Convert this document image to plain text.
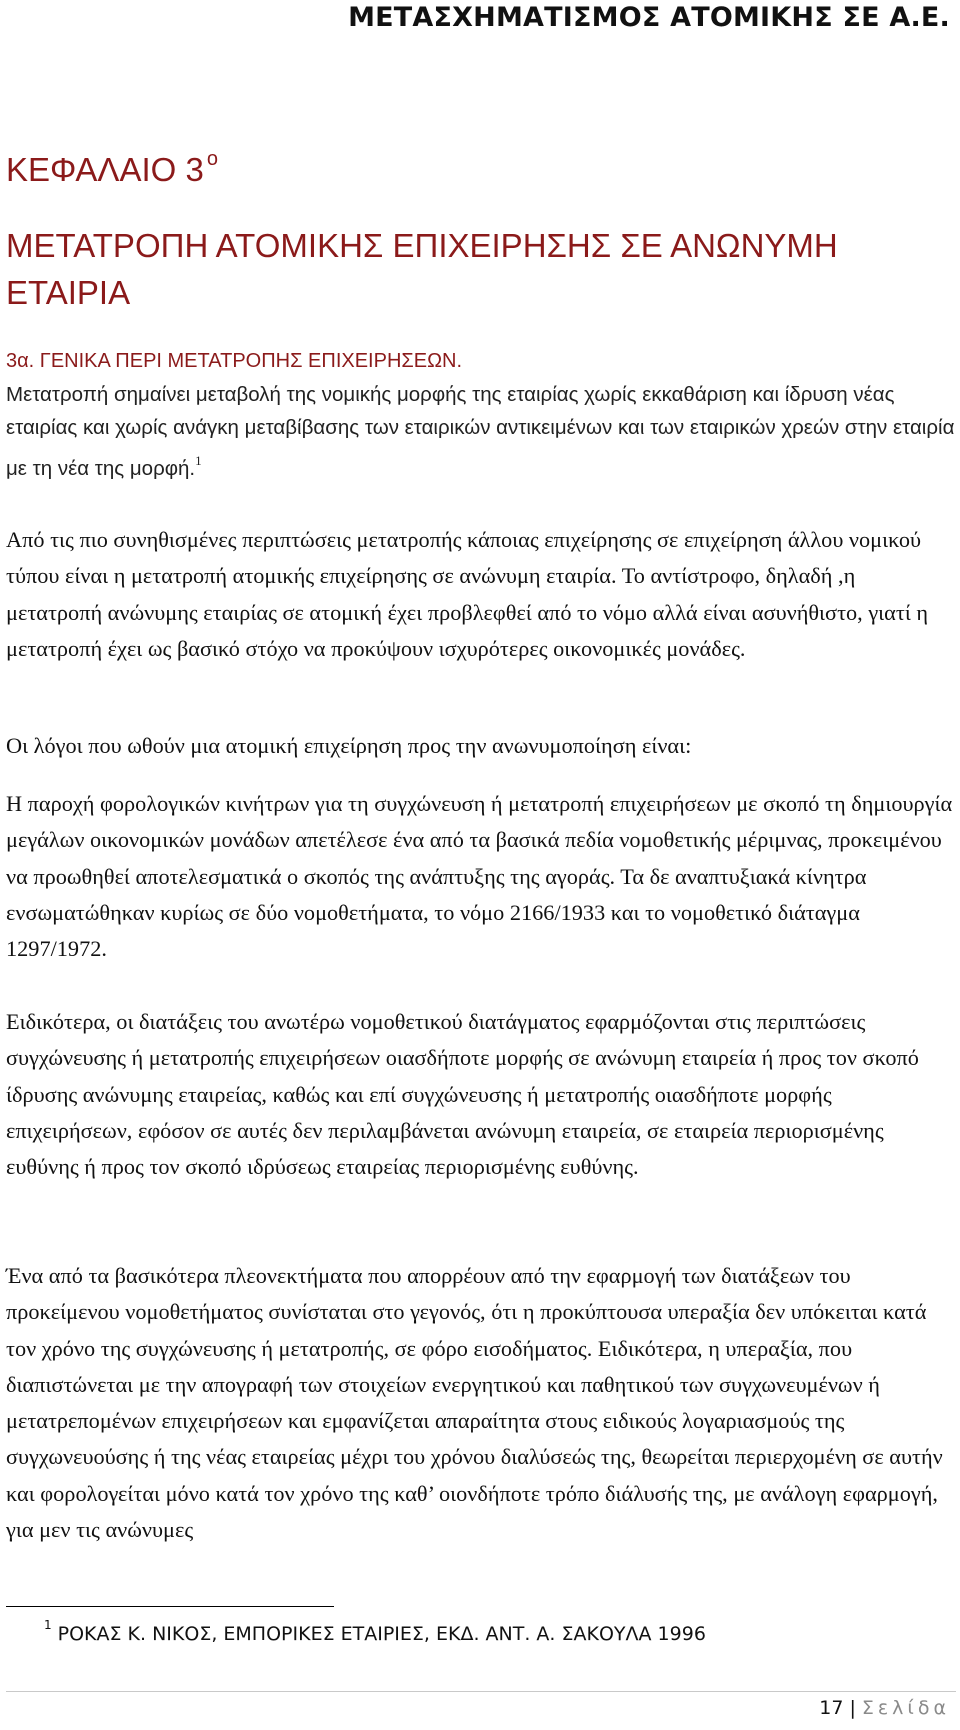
ΜΕΤΑΣΧΗΜΑΤΙΣΜΟΣ ΑΤΟΜΙΚΗΣ ΣΕ Α.Ε.
ΚΕΦΑΛΑΙΟ 3 $^o$
ΜΕΤΑΤΡΟΠΗ ΑΤΟΜΙΚΗΣ ΕΠΙΧΕΙΡΗΣΗΣ ΣΕ ΑΝΩΝΥΜΗ ΕΤΑΙΡΙΑ
3α. ΓΕΝΙΚΑ ΠΕΡΙ ΜΕΤΑΤΡΟΠΗΣ ΕΠΙΧΕΙΡΗΣΕΩΝ.

Μετατροπή σημαίνει μεταβολή της νομικής μορφής της εταιρίας χωρίς εκκαθάριση και ίδρυση νέας εταιρίας και χωρίς ανάγκη μεταβίβασης των εταιρικών αντικειμένων και των εταιρικών χρεών στην εταιρία με τη νέα της μορφή.$^1$

Από τις πιο συνηθισμένες περιπτώσεις μετατροπής κάποιας επιχείρησης σε επιχείρηση άλλου νομικού τύπου είναι η μετατροπή ατομικής επιχείρησης σε ανώνυμη εταιρία. Το αντίστροφο, δηλαδή ,η μετατροπή ανώνυμης εταιρίας σε ατομική έχει προβλεφθεί από το νόμο αλλά είναι ασυνήθιστο, γιατί η μετατροπή έχει ως βασικό στόχο να προκύψουν ισχυρότερες οικονομικές μονάδες.

Οι λόγοι που ωθούν μια ατομική επιχείρηση προς την ανωνυμοποίηση είναι:

Η παροχή φορολογικών κινήτρων για τη συγχώνευση ή μετατροπή επιχειρήσεων με σκοπό τη δημιουργία μεγάλων οικονομικών μονάδων απετέλεσε ένα από τα βασικά πεδία νομοθετικής μέριμνας, προκειμένου να προωθηθεί αποτελεσματικά ο σκοπός της ανάπτυξης της αγοράς. Τα δε αναπτυξιακά κίνητρα ενσωματώθηκαν κυρίως σε δύο νομοθετήματα, το νόμο 2166/1933 και το νομοθετικό διάταγμα 1297/1972.

Ειδικότερα, οι διατάξεις του ανωτέρω νομοθετικού διατάγματος εφαρμόζονται στις περιπτώσεις συγχώνευσης ή μετατροπής επιχειρήσεων οιασδήποτε μορφής σε ανώνυμη εταιρεία ή προς τον σκοπό ίδρυσης ανώνυμης εταιρείας, καθώς και επί συγχώνευσης ή μετατροπής οιασδήποτε μορφής επιχειρήσεων, εφόσον σε αυτές δεν περιλαμβάνεται ανώνυμη εταιρεία, σε εταιρεία περιορισμένης ευθύνης ή προς τον σκοπό ιδρύσεως εταιρείας περιορισμένης ευθύνης.

Ένα από τα βασικότερα πλεονεκτήματα που απορρέουν από την εφαρμογή των διατάξεων του προκείμενου νομοθετήματος συνίσταται στο γεγονός, ότι η προκύπτουσα υπεραξία δεν υπόκειται κατά τον χρόνο της συγχώνευσης ή μετατροπής, σε φόρο εισοδήματος. Ειδικότερα, η υπεραξία, που διαπιστώνεται με την απογραφή των στοιχείων ενεργητικού και παθητικού των συγχωνευμένων ή μετατρεπομένων επιχειρήσεων και εμφανίζεται απαραίτητα στους ειδικούς λογαριασμούς της συγχωνευούσης ή της νέας εταιρείας μέχρι του χρόνου διαλύσεώς της, θεωρείται περιερχομένη σε αυτήν και φορολογείται μόνο κατά τον χρόνο της καθ’ οιονδήποτε τρόπο διάλυσής της, με ανάλογη εφαρμογή, για μεν τις ανώνυμες

$^1$ ΡΟΚΑΣ Κ. ΝΙΚΟΣ, ΕΜΠΟΡΙΚΕΣ ΕΤΑΙΡΙΕΣ, ΕΚΔ. ΑΝΤ. Α. ΣΑΚΟΥΛΑ 1996
17 | Σελίδα
